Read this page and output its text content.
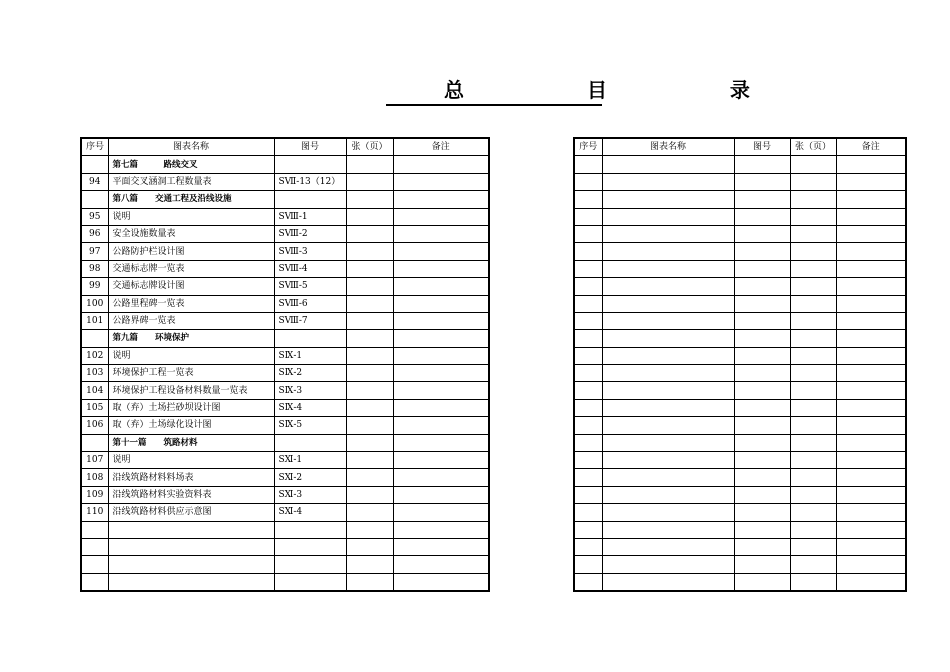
总 目 录
序号	图表名称	图号	张（页）	备注
	第七篇　　　路线交叉			
94	平面交叉涵洞工程数量表	SⅦ-13（12）		
	第八篇　　交通工程及沿线设施			
95	说明	SⅧ-1		
96	安全设施数量表	SⅧ-2		
97	公路防护栏设计图	SⅧ-3		
98	交通标志牌一览表	SⅧ-4		
99	交通标志牌设计图	SⅧ-5		
100	公路里程碑一览表	SⅧ-6		
101	公路界碑一览表	SⅧ-7		
	第九篇　　环境保护			
102	说明	SⅨ-1		
103	环境保护工程一览表	SⅨ-2		
104	环境保护工程设备材料数量一览表	SⅨ-3		
105	取（弃）土场拦砂坝设计图	SⅨ-4		
106	取（弃）土场绿化设计图	SⅨ-5		
	第十一篇　　筑路材料			
107	说明	SⅪ-1		
108	沿线筑路材料料场表	SⅪ-2		
109	沿线筑路材料实验资料表	SⅪ-3		
110	沿线筑路材料供应示意图	SⅪ-4		

序号	图表名称	图号	张（页）	备注
